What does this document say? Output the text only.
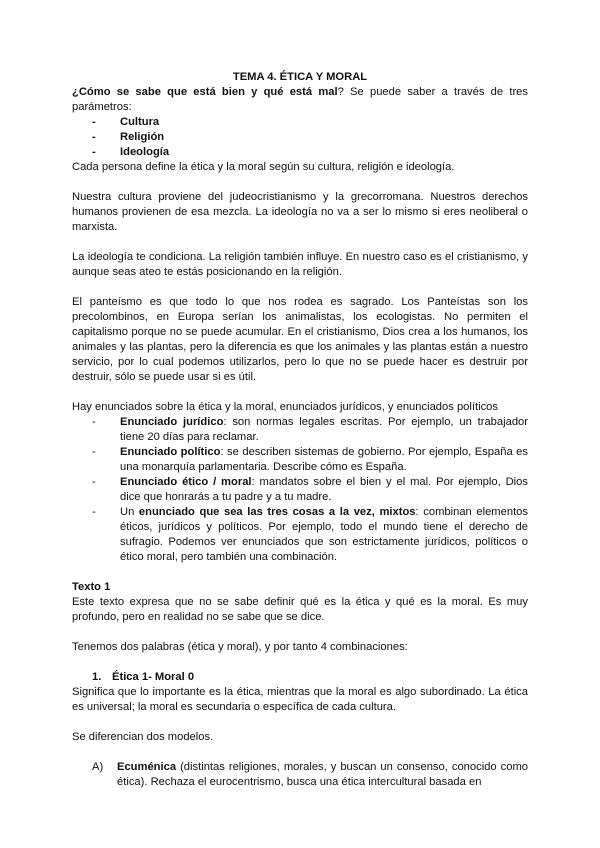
TEMA 4. ÉTICA Y MORAL

¿Cómo se sabe que está bien y qué está mal? Se puede saber a través de tres parámetros:

- Cultura
- Religión
- Ideología

Cada persona define la ética y la moral según su cultura, religión e ideología.

Nuestra cultura proviene del judeocristianismo y la grecorromana. Nuestros derechos humanos provienen de esa mezcla. La ideología no va a ser lo mismo si eres neoliberal o marxista.

La ideología te condiciona. La religión también influye. En nuestro caso es el cristianismo, y aunque seas ateo te estás posicionando en la religión.

El panteísmo es que todo lo que nos rodea es sagrado. Los Panteístas son los precolombinos, en Europa serían los animalistas, los ecologistas. No permiten el capitalismo porque no se puede acumular. En el cristianismo, Dios crea a los humanos, los animales y las plantas, pero la diferencia es que los animales y las plantas están a nuestro servicio, por lo cual podemos utilizarlos, pero lo que no se puede hacer es destruir por destruir, sólo se puede usar si es útil.

Hay enunciados sobre la ética y la moral, enunciados jurídicos, y enunciados políticos

- Enunciado jurídico: son normas legales escritas. Por ejemplo, un trabajador tiene 20 días para reclamar.
- Enunciado político: se describen sistemas de gobierno. Por ejemplo, España es una monarquía parlamentaria. Describe cómo es España.
- Enunciado ético / moral: mandatos sobre el bien y el mal. Por ejemplo, Dios dice que honrarás a tu padre y a tu madre.
- Un enunciado que sea las tres cosas a la vez, mixtos: combinan elementos éticos, jurídicos y políticos. Por ejemplo, todo el mundo tiene el derecho de sufragio. Podemos ver enunciados que son estrictamente jurídicos, políticos o ético moral, pero también una combinación.

Texto 1

Este texto expresa que no se sabe definir qué es la ética y qué es la moral. Es muy profundo, pero en realidad no se sabe que se dice.

Tenemos dos palabras (ética y moral), y por tanto 4 combinaciones:

1. Ética 1- Moral 0

Significa que lo importante es la ética, mientras que la moral es algo subordinado. La ética es universal; la moral es secundaria o específica de cada cultura.

Se diferencian dos modelos.

A) Ecuménica (distintas religiones, morales, y buscan un consenso, conocido como ética). Rechaza el eurocentrismo, busca una ética intercultural basada en
